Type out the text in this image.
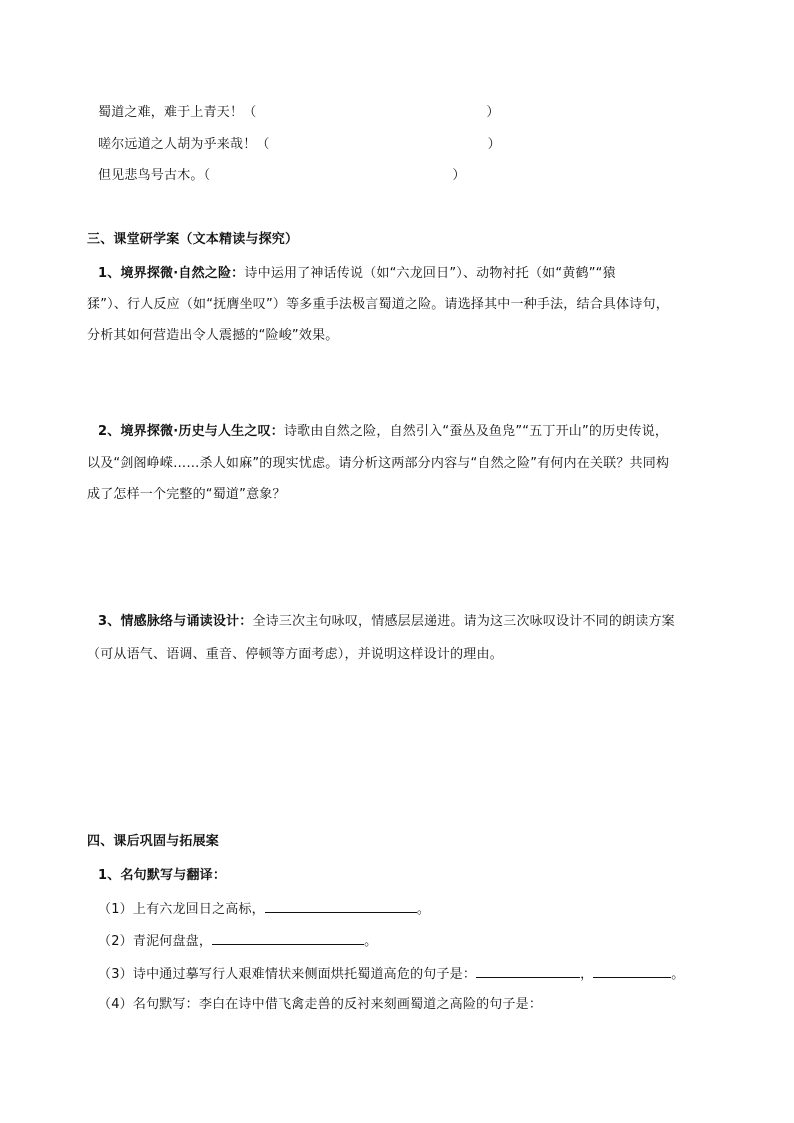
蜀道之难，难于上青天！（	）
嗟尔远道之人胡为乎来哉！（	）
但见悲鸟号古木。（	）
三、课堂研学案（文本精读与探究）
1、境界探微·自然之险：诗中运用了神话传说（如“六龙回日”）、动物衬托（如“黄鹤”“猿
猱”）、行人反应（如“抚膺坐叹”）等多重手法极言蜀道之险。请选择其中一种手法，结合具体诗句，
分析其如何营造出令人震撼的“险峻”效果。
2、境界探微·历史与人生之叹：诗歌由自然之险，自然引入“蚕丛及鱼凫”“五丁开山”的历史传说，
以及“剑阁峥嵘……杀人如麻”的现实忧虑。请分析这两部分内容与“自然之险”有何内在关联？共同构
成了怎样一个完整的“蜀道”意象？
3、情感脉络与诵读设计：全诗三次主句咏叹，情感层层递进。请为这三次咏叹设计不同的朗读方案
（可从语气、语调、重音、停顿等方面考虑），并说明这样设计的理由。
四、课后巩固与拓展案
1、名句默写与翻译：
（1）上有六龙回日之高标，	。
（2）青泥何盘盘，	。
（3）诗中通过摹写行人艰难情状来侧面烘托蜀道高危的句子是：	，	。
（4）名句默写：李白在诗中借飞禽走兽的反衬来刻画蜀道之高险的句子是：
